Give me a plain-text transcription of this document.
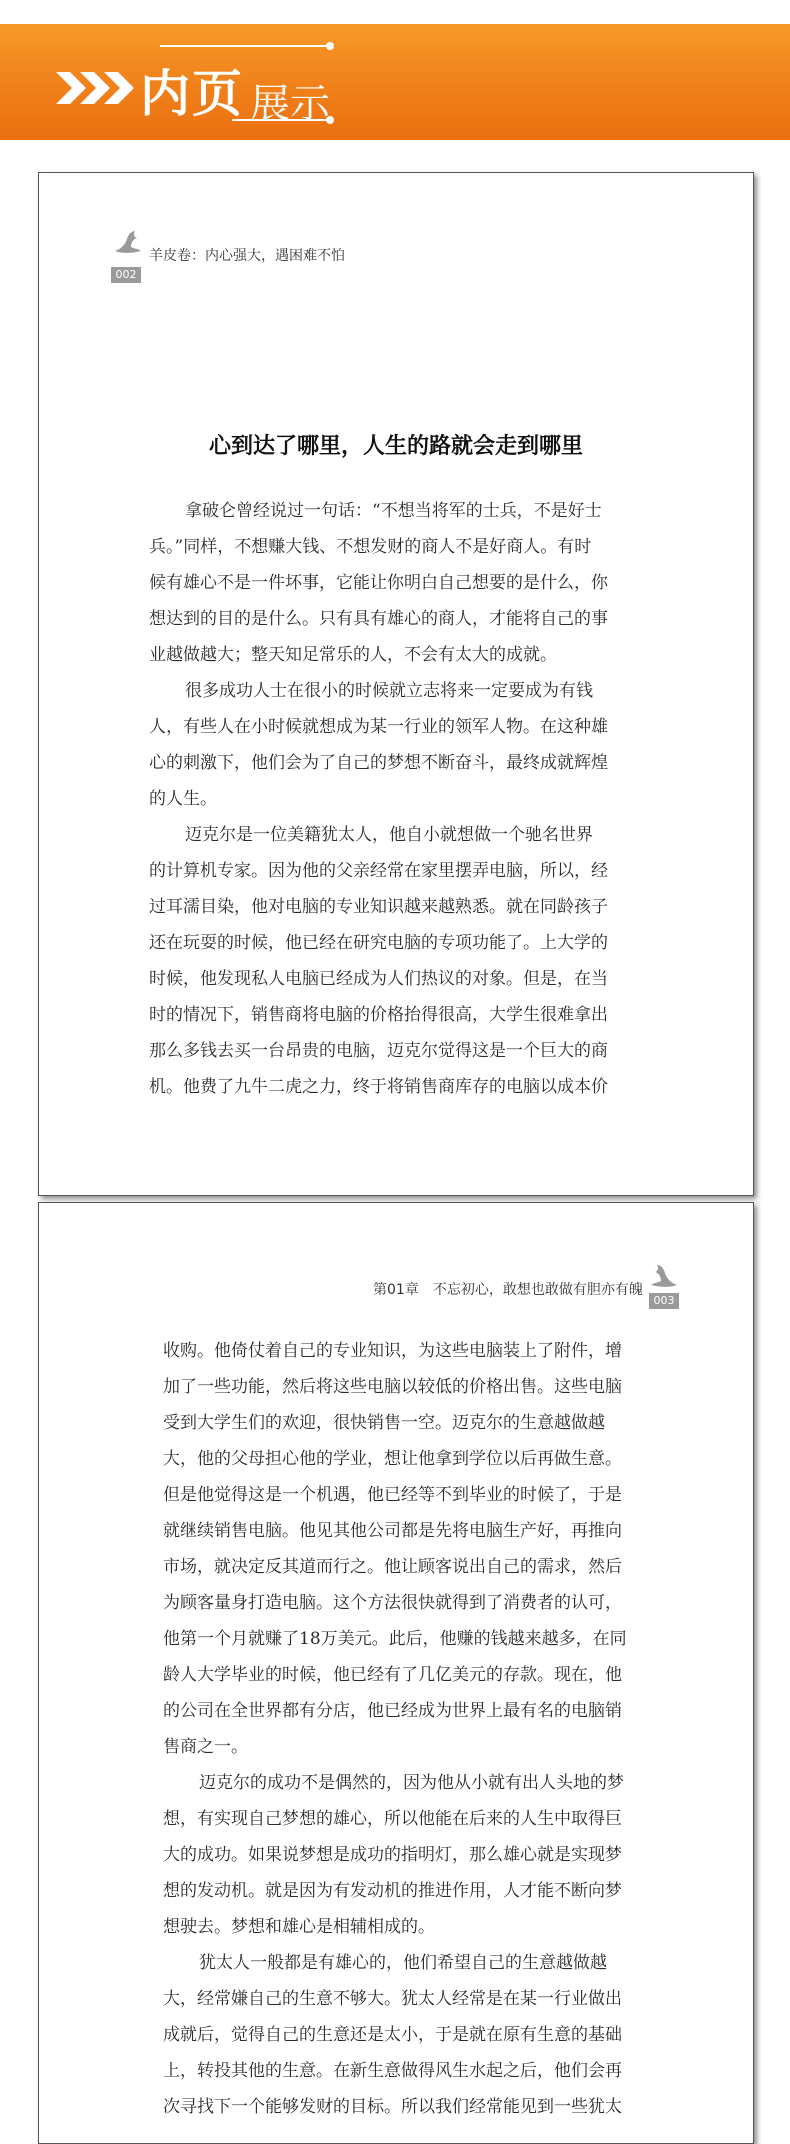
内页 展示
002
羊皮卷：内心强大，遇困难不怕
心到达了哪里，人生的路就会走到哪里
拿破仑曾经说过一句话：“不想当将军的士兵，不是好士
兵。”同样，不想赚大钱、不想发财的商人不是好商人。有时
候有雄心不是一件坏事，它能让你明白自己想要的是什么，你
想达到的目的是什么。只有具有雄心的商人，才能将自己的事
业越做越大；整天知足常乐的人，不会有太大的成就。
很多成功人士在很小的时候就立志将来一定要成为有钱
人，有些人在小时候就想成为某一行业的领军人物。在这种雄
心的刺激下，他们会为了自己的梦想不断奋斗，最终成就辉煌
的人生。
迈克尔是一位美籍犹太人，他自小就想做一个驰名世界
的计算机专家。因为他的父亲经常在家里摆弄电脑，所以，经
过耳濡目染，他对电脑的专业知识越来越熟悉。就在同龄孩子
还在玩耍的时候，他已经在研究电脑的专项功能了。上大学的
时候，他发现私人电脑已经成为人们热议的对象。但是，在当
时的情况下，销售商将电脑的价格抬得很高，大学生很难拿出
那么多钱去买一台昂贵的电脑，迈克尔觉得这是一个巨大的商
机。他费了九牛二虎之力，终于将销售商库存的电脑以成本价
第01章　不忘初心，敢想也敢做有胆亦有魄
003
收购。他倚仗着自己的专业知识，为这些电脑装上了附件，增
加了一些功能，然后将这些电脑以较低的价格出售。这些电脑
受到大学生们的欢迎，很快销售一空。迈克尔的生意越做越
大，他的父母担心他的学业，想让他拿到学位以后再做生意。
但是他觉得这是一个机遇，他已经等不到毕业的时候了，于是
就继续销售电脑。他见其他公司都是先将电脑生产好，再推向
市场，就决定反其道而行之。他让顾客说出自己的需求，然后
为顾客量身打造电脑。这个方法很快就得到了消费者的认可，
他第一个月就赚了18万美元。此后，他赚的钱越来越多，在同
龄人大学毕业的时候，他已经有了几亿美元的存款。现在，他
的公司在全世界都有分店，他已经成为世界上最有名的电脑销
售商之一。
迈克尔的成功不是偶然的，因为他从小就有出人头地的梦
想，有实现自己梦想的雄心，所以他能在后来的人生中取得巨
大的成功。如果说梦想是成功的指明灯，那么雄心就是实现梦
想的发动机。就是因为有发动机的推进作用，人才能不断向梦
想驶去。梦想和雄心是相辅相成的。
犹太人一般都是有雄心的，他们希望自己的生意越做越
大，经常嫌自己的生意不够大。犹太人经常是在某一行业做出
成就后，觉得自己的生意还是太小，于是就在原有生意的基础
上，转投其他的生意。在新生意做得风生水起之后，他们会再
次寻找下一个能够发财的目标。所以我们经常能见到一些犹太
